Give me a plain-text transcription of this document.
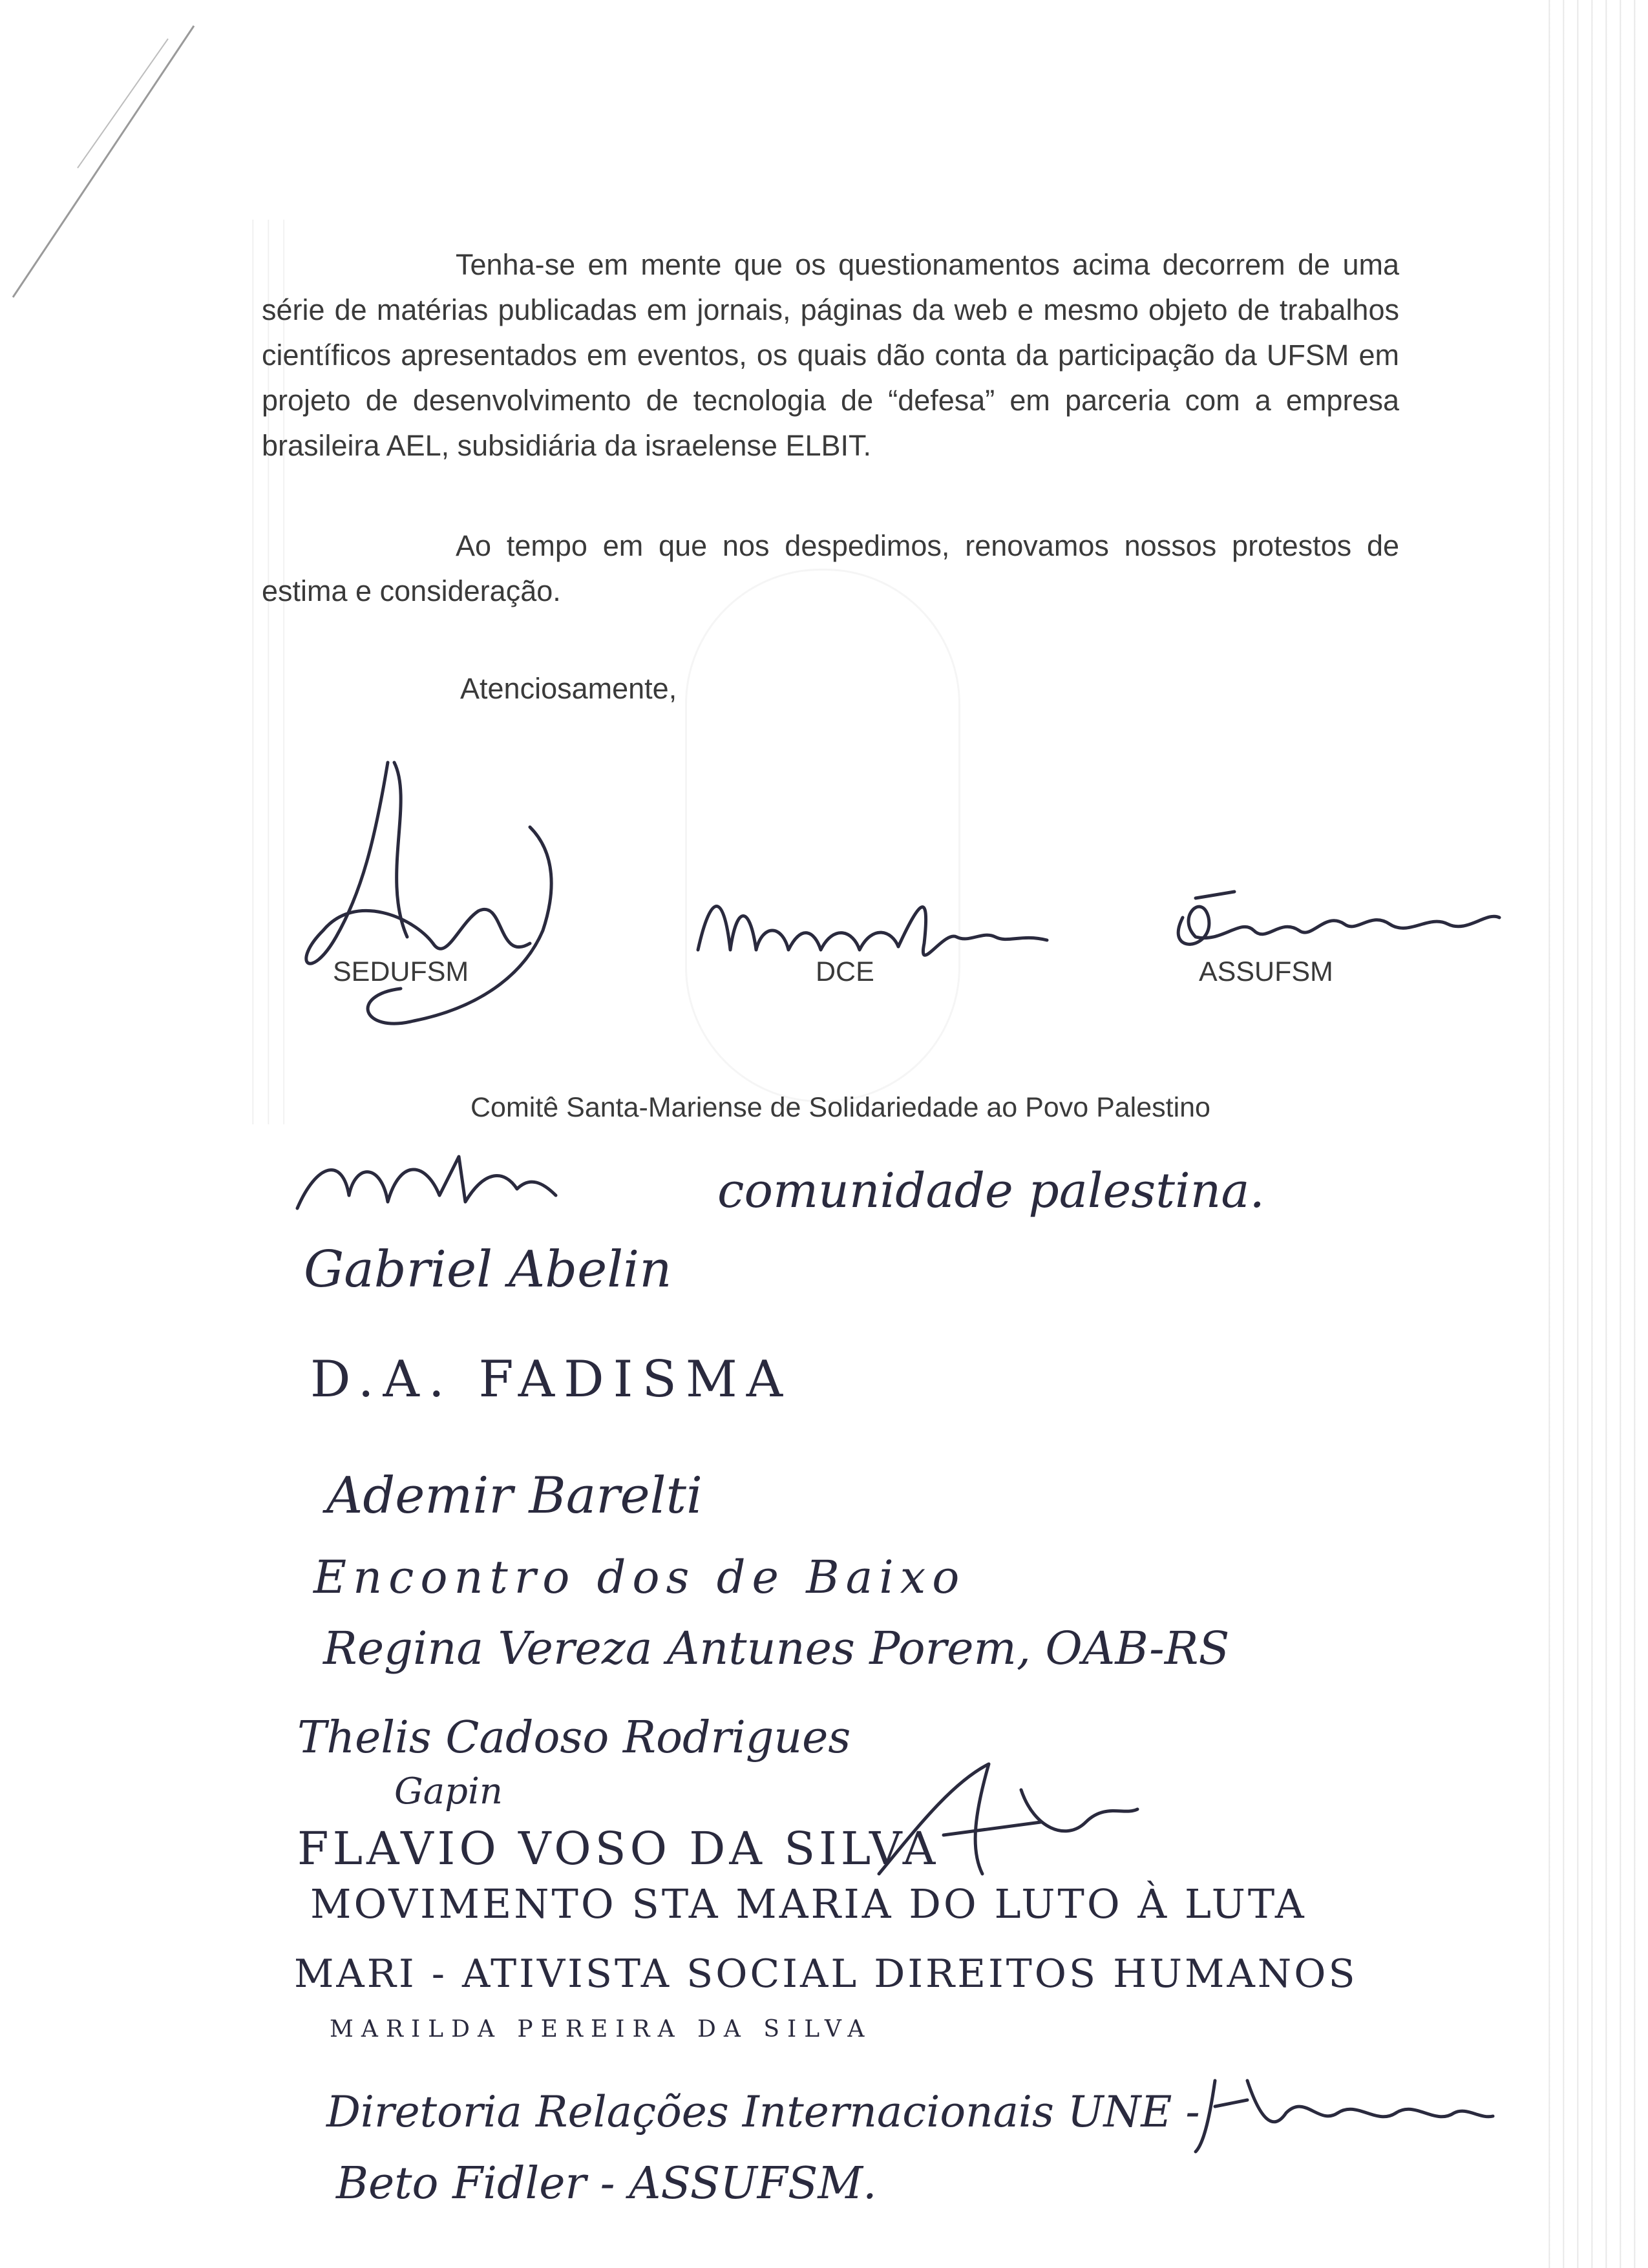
Tenha-se em mente que os questionamentos acima decorrem de uma série de matérias publicadas em jornais, páginas da web e mesmo objeto de trabalhos científicos apresentados em eventos, os quais dão conta da participação da UFSM em projeto de desenvolvimento de tecnologia de “defesa” em parceria com a empresa brasileira AEL, subsidiária da israelense ELBIT.

Ao tempo em que nos despedimos, renovamos nossos protestos de estima e consideração.

Atenciosamente,
SEDUFSM	DCE	ASSUFSM
Comitê Santa-Mariense de Solidariedade ao Povo Palestino
comunidade palestina.
Gabriel Abelin
D.A. FADISMA
Ademir Barelti
Encontro dos de Baixo
Regina Vereza Antunes Porem, OAB-RS
Thelis Cadoso Rodrigues
Gapin
FLAVIO VOSO DA SILVA
MOVIMENTO STA MARIA DO LUTO À LUTA
MARI - ATIVISTA SOCIAL DIREITOS HUMANOS
MARILDA PEREIRA DA SILVA
Diretoria Relações Internacionais UNE -
Beto Fidler - ASSUFSM.
